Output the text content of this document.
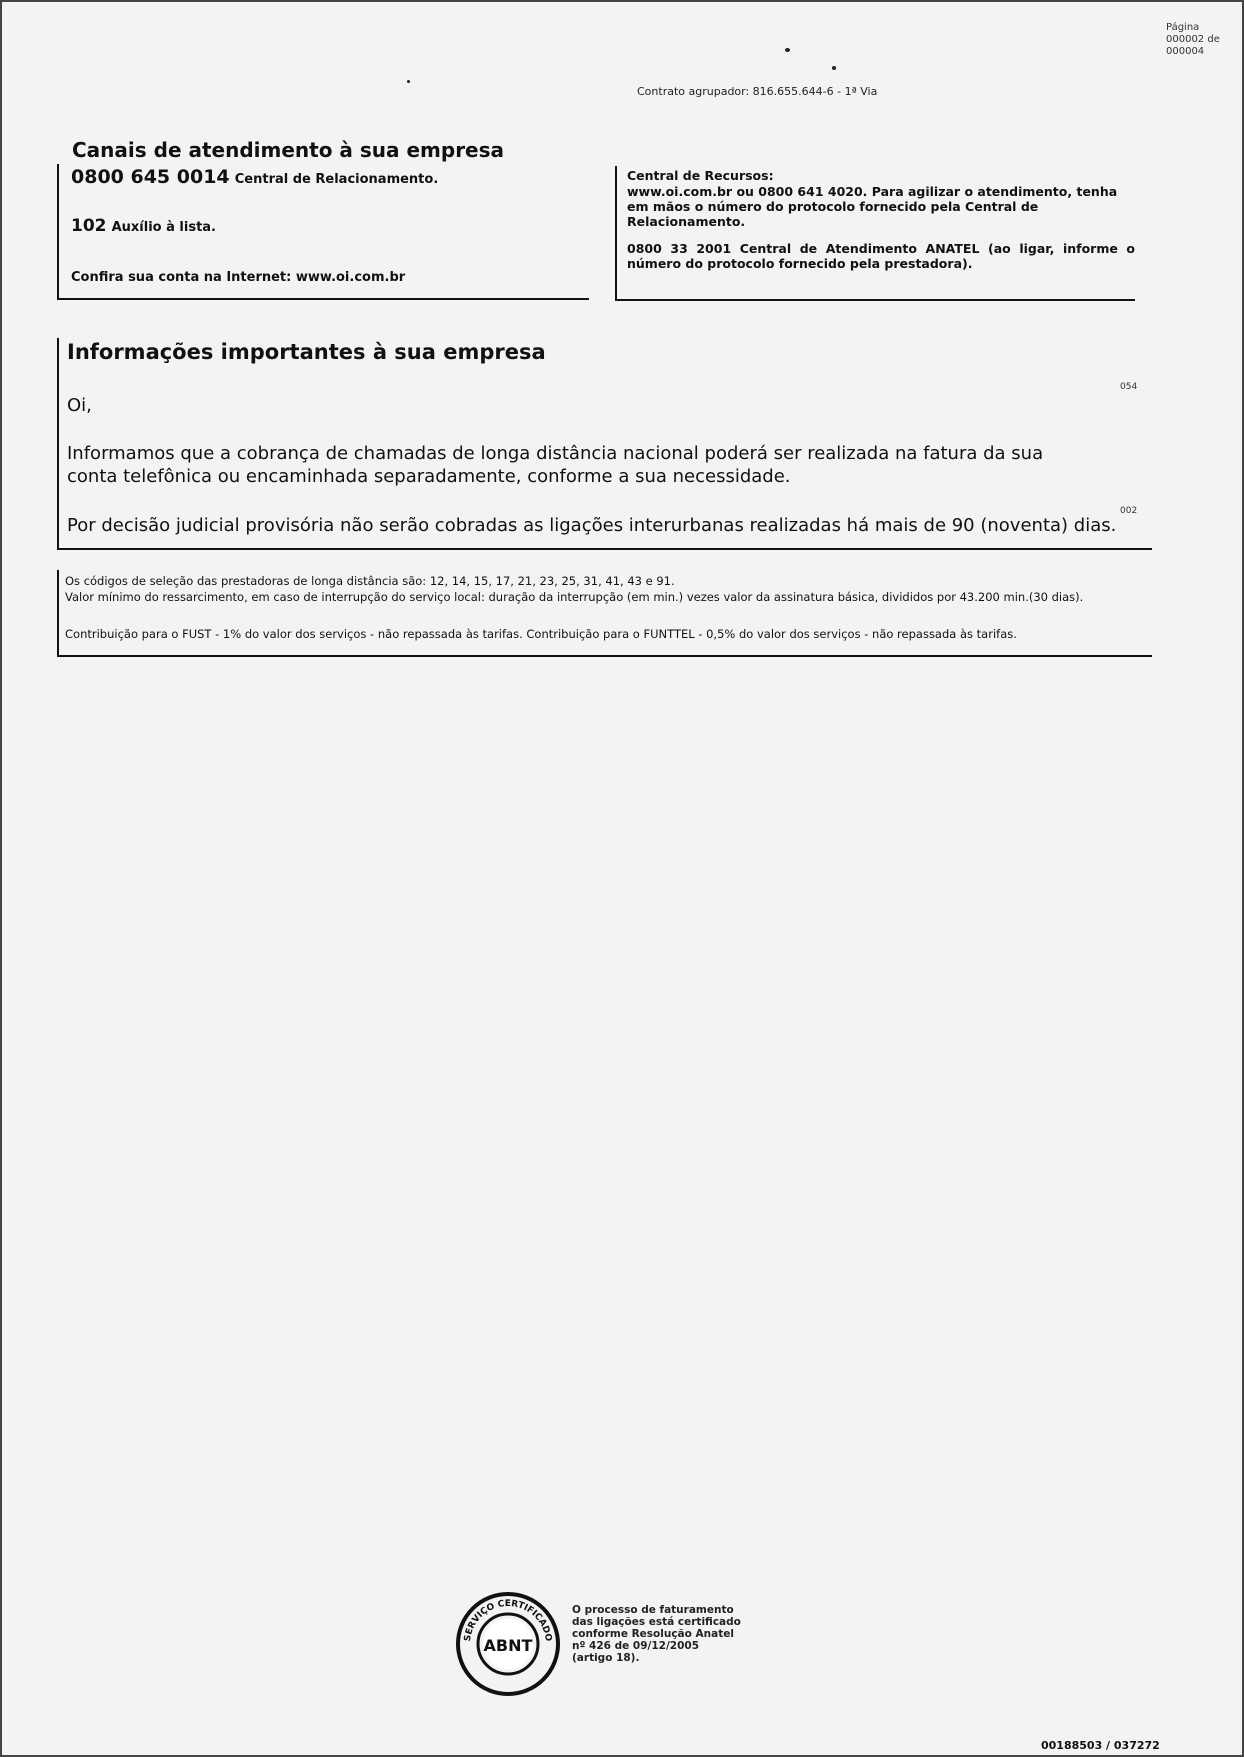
Página
000002 de
000004
Contrato agrupador: 816.655.644-6 - 1ª Via
Canais de atendimento à sua empresa
0800 645 0014 Central de Relacionamento.
102 Auxílio à lista.
Confira sua conta na Internet: www.oi.com.br
Central de Recursos:
www.oi.com.br ou 0800 641 4020. Para agilizar o atendimento, tenha em mãos o número do protocolo fornecido pela Central de Relacionamento.
0800 33 2001 Central de Atendimento ANATEL (ao ligar, informe o número do protocolo fornecido pela prestadora).
Informações importantes à sua empresa
054
Oi,
Informamos que a cobrança de chamadas de longa distância nacional poderá ser realizada na fatura da sua conta telefônica ou encaminhada separadamente, conforme a sua necessidade.
002
Por decisão judicial provisória não serão cobradas as ligações interurbanas realizadas há mais de 90 (noventa) dias.
Os códigos de seleção das prestadoras de longa distância são: 12, 14, 15, 17, 21, 23, 25, 31, 41, 43 e 91.
Valor mínimo do ressarcimento, em caso de interrupção do serviço local: duração da interrupção (em min.) vezes valor da assinatura básica, divididos por 43.200 min.(30 dias).
Contribuição para o FUST - 1% do valor dos serviços - não repassada às tarifas. Contribuição para o FUNTTEL - 0,5% do valor dos serviços - não repassada às tarifas.
SERVIÇO CERTIFICADO
ABNT
O processo de faturamento
das ligações está certificado
conforme Resolução Anatel
nº 426 de 09/12/2005
(artigo 18).
00188503 / 037272
